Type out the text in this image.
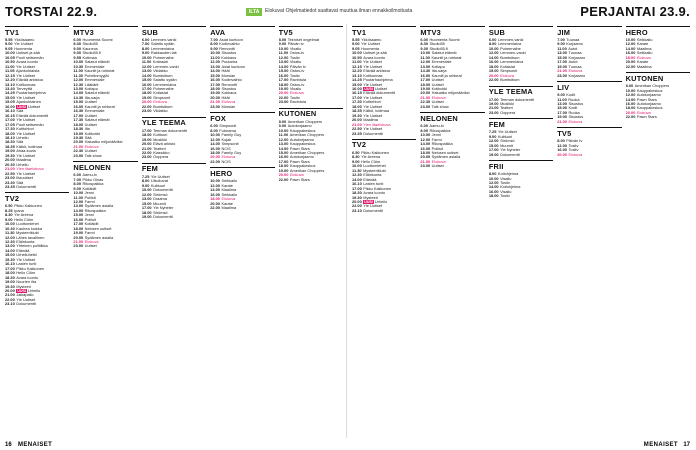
TORSTAI 22.9.	ILTA	Elokuvat Ohjelmatiedot saattavat muuttua ilman ennakkoilmoitusta	PERJANTAI 23.9.
TV1
5.55 Ykkösaamu
9.00 Yle Uutiset
9.05 Huomenta
10.00 Uutiset ja sää
10.05 Puoli seitsemän
10.50 Avara luonto
11.00 Yle Uutiset
11.05 Ajankohtaista
12.15 Yle Uutiset
12.20 Elävää arkistoa
13.10 Kotikunnas
13.40 Terveyttä
14.25 Puutarhaohjelma
15.00 Yle Uutiset
15.05 Ajankohtainen
16.00 UUSI Uutiset
16.10 Sää
16.15 Elävää dokumentti
17.00 Yle Uutiset
17.05 Puoli seitsemän
17.30 Kotitohtori
18.00 Yle Uutiset
18.10 Urheilu
18.30 Sää
18.35 Kätkö, kotimaa
19.00 Ahaa-kuvia
19.30 Yle Uutiset
20.00 Maailma
20.30 Urheilu
21.00 Ylen iltaelokuva
22.50 Yle Uutiset
23.00 Iltauutiset
23.30 Sää
23.35 Dokumentti
TV2
6.50 Pikku Kakkonen
8.25 Ipana
8.30 Yle Areena
9.00 Hello Clöm
10.00 Luottomiehet
10.30 Kauhea luokka
11.30 Mysteeriklubi
12.00 Lähes tavallinen
12.30 Eläinkunta
13.00 Yhteinen politiikka
14.00 Elämää
15.00 Urheiluhetki
15.30 Yle Uutiset
16.10 Lasten tunti
17.00 Pikku Kakkonen
18.00 Hello Clöm
18.30 Avara luonto
19.00 Nuorten ilta
19.30 Mysteeri
20.00 UUSI Urheilu
21.00 Jalkapallo
22.00 Yle Uutiset
23.10 Dokumentti
MTV3
6.00 Huomenta Suomi
8.30 Studio55
9.00 Kauneus
9.30 Studio55.fi
9.55 Kotimaa
10.00 Salatut elämät
10.30 Emmerdale
11.00 Kauniit ja rohkeat
11.30 Puhelinmyyjät
12.00 Emmerdale
12.30 Lääkärit
13.00 Kotiapu
14.00 Salatut elämät
14.30 Ilta-sarja
15.00 Uutiset
16.00 Kauniit ja rohkeat
16.30 Emmerdale
17.00 Uutiset
17.30 Salatut elämät
18.00 Uutiset
18.30 Ilta
19.00 Kotikokki
19.30 Sää
20.00 Haluatko miljonääriksi
21.00 Elokuva
22.30 Uutiset
23.00 Talk show
NELONEN
6.00 Aamu-tv
7.00 Pikku Oinas
8.00 Rikospaikka
9.00 Kotiäidit
10.00 Jenni
11.00 Poliisit
12.00 Farmi
13.00 Sydämen asialla
14.00 Rikospaikka
15.00 Jenni
16.00 Poliisit
17.00 Kotiäidit
18.00 Nelosen uutiset
19.00 Farmi
20.00 Sydämen asialla
21.00 Elokuva
23.00 Uutiset
SUB
6.00 Lemmen-vanki
7.00 Salattu sydän
8.00 Lemmenlaiva
9.00 Rakkauden lait
10.00 Puheenaihe
11.00 Kotiasiat
12.00 Lemmen-vanki
13.00 Viidakko
14.00 Bumtsibum
15.00 Salattu sydän
16.00 Lemmenlaiva
17.00 Puheenaihe
18.00 Kotiasiat
19.00 Simpsonit
20.00 Elokuva
22.00 Bumtsibum
23.00 Viidakko
YLE TEEMA
17.00 Teeman dokumentti
18.00 Kulttuuri
19.00 Musiikki
20.00 Elävä arkisto
21.00 Teatteri
22.00 Klassikko
23.00 Ooppera
FEM
7.25 Yle Uutiset
8.00 Ulkokuvat
9.00 Kulttuuri
10.00 Dokumentti
12.00 Strömsö
13.00 Draama
15.00 Muumit
17.00 Yle Nyheter
18.00 Strömsö
19.00 Dokumentti
AVA
7.00 Asiat kuntoon
8.00 Kodinvaihto
9.00 Remontti
10.00 Sisustus
11.00 Kokkaus
12.00 Puutarha
13.00 Asiat kuntoon
14.00 Häät
15.00 Morsian
16.00 Kodinvaihto
17.00 Remontti
18.00 Sisustus
19.00 Kokkaus
20.00 Häät
21.00 Elokuva
23.00 Morsian
FOX
6.00 Simpsonit
8.00 Futurama
10.00 Family Guy
12.00 Kojak
14.00 Simpsonit
16.00 NCIS
18.00 Family Guy
20.00 Elokuva
22.00 NCIS
HERO
10.00 Seikkailu
12.00 Karate
14.00 Maailma
16.00 Seikkailu
18.00 Elokuva
20.00 Karate
22.00 Maailma
TV5
8.00 Tekniset ongelmat
9.00 Päivän tv
10.00 Visailu
11.00 Ostos-tv
12.00 Tositv
13.00 Visailu
14.00 Päivän tv
15.00 Ostos-tv
16.00 Tositv
17.00 Ravintola
18.00 Ostos-tv
19.00 Visailu
20.00 Elokuva
22.00 Tositv
23.00 Ravintola
KUTONEN
8.00 Amerikan Choppers
9.00 Autokorjaamo
10.00 Kauppakeskus
11.00 Amerikan Choppers
12.00 Autokorjaamo
13.00 Kauppakeskus
14.00 Pawn Stars
15.00 Amerikan Choppers
16.00 Autokorjaamo
17.00 Pawn Stars
18.00 Kauppakeskus
19.00 Amerikan Choppers
20.00 Elokuva
22.00 Pawn Stars
TV1
5.55 Ykkösaamu
9.00 Yle Uutiset
9.05 Huomenta
10.00 Uutiset ja sää
10.50 Avara luonto
11.00 Yle Uutiset
12.15 Yle Uutiset
12.20 Elävää arkistoa
13.10 Kotikunnas
14.25 Puutarhaohjelma
15.00 Yle Uutiset
16.00 UUSI Uutiset
16.15 Elävää dokumentti
17.00 Yle Uutiset
17.30 Kotitohtori
18.00 Yle Uutiset
18.35 Kätkö, kotimaa
19.30 Yle Uutiset
20.00 Maailma
21.00 Ylen iltaelokuva
22.50 Yle Uutiset
23.35 Dokumentti
TV2
6.50 Pikku Kakkonen
8.30 Yle Areena
9.00 Hello Clöm
10.00 Luottomiehet
11.30 Mysteeriklubi
12.30 Eläinkunta
14.00 Elämää
16.10 Lasten tunti
17.00 Pikku Kakkonen
18.30 Avara luonto
19.30 Mysteeri
20.00 UUSI Urheilu
22.00 Yle Uutiset
23.10 Dokumentti
MTV3
6.00 Huomenta Suomi
8.30 Studio55
9.30 Studio55.fi
10.00 Salatut elämät
11.00 Kauniit ja rohkeat
12.00 Emmerdale
13.00 Kotiapu
14.30 Ilta-sarja
16.00 Kauniit ja rohkeat
17.00 Uutiset
18.00 Uutiset
19.00 Kotikokki
20.00 Haluatko miljonääriksi
21.00 Elokuva
22.30 Uutiset
23.00 Talk show
NELONEN
6.00 Aamu-tv
8.00 Rikospaikka
10.00 Jenni
12.00 Farmi
14.00 Rikospaikka
16.00 Poliisit
18.00 Nelosen uutiset
20.00 Sydämen asialla
21.00 Elokuva
23.00 Uutiset
SUB
6.00 Lemmen-vanki
8.00 Lemmenlaiva
10.00 Puheenaihe
12.00 Lemmen-vanki
14.00 Bumtsibum
16.00 Lemmenlaiva
18.00 Kotiasiat
19.00 Simpsonit
20.00 Elokuva
22.00 Bumtsibum
YLE TEEMA
17.00 Teeman dokumentti
19.00 Musiikki
21.00 Teatteri
23.00 Ooppera
FEM
7.25 Yle Uutiset
9.00 Kulttuuri
12.00 Strömsö
15.00 Muumit
17.00 Yle Nyheter
19.00 Dokumentti
FRII
8.00 Kotiohjelma
10.00 Visailu
12.00 Tositv
14.00 Kotiohjelma
16.00 Visailu
18.00 Tositv
JIM
7.00 Tuunaa
9.00 Korjaamo
11.00 Autot
13.00 Tuunaa
15.00 Korjaamo
17.00 Autot
19.00 Tuunaa
21.00 Elokuva
23.00 Korjaamo
LIV
9.00 Kodit
11.00 Ruoka
13.00 Sisustus
15.00 Kodit
17.00 Ruoka
19.00 Sisustus
21.00 Elokuva
TV5
8.00 Päivän tv
12.00 Tositv
16.00 Tositv
20.00 Elokuva
HERO
10.00 Seikkailu
12.00 Karate
14.00 Maailma
16.00 Seikkailu
18.00 Elokuva
20.00 Karate
22.00 Maailma
KUTONEN
8.00 Amerikan Choppers
10.00 Kauppakeskus
12.00 Autokorjaamo
14.00 Pawn Stars
16.00 Autokorjaamo
18.00 Kauppakeskus
20.00 Elokuva
22.00 Pawn Stars
16 MENAISET	MENAISET 17
